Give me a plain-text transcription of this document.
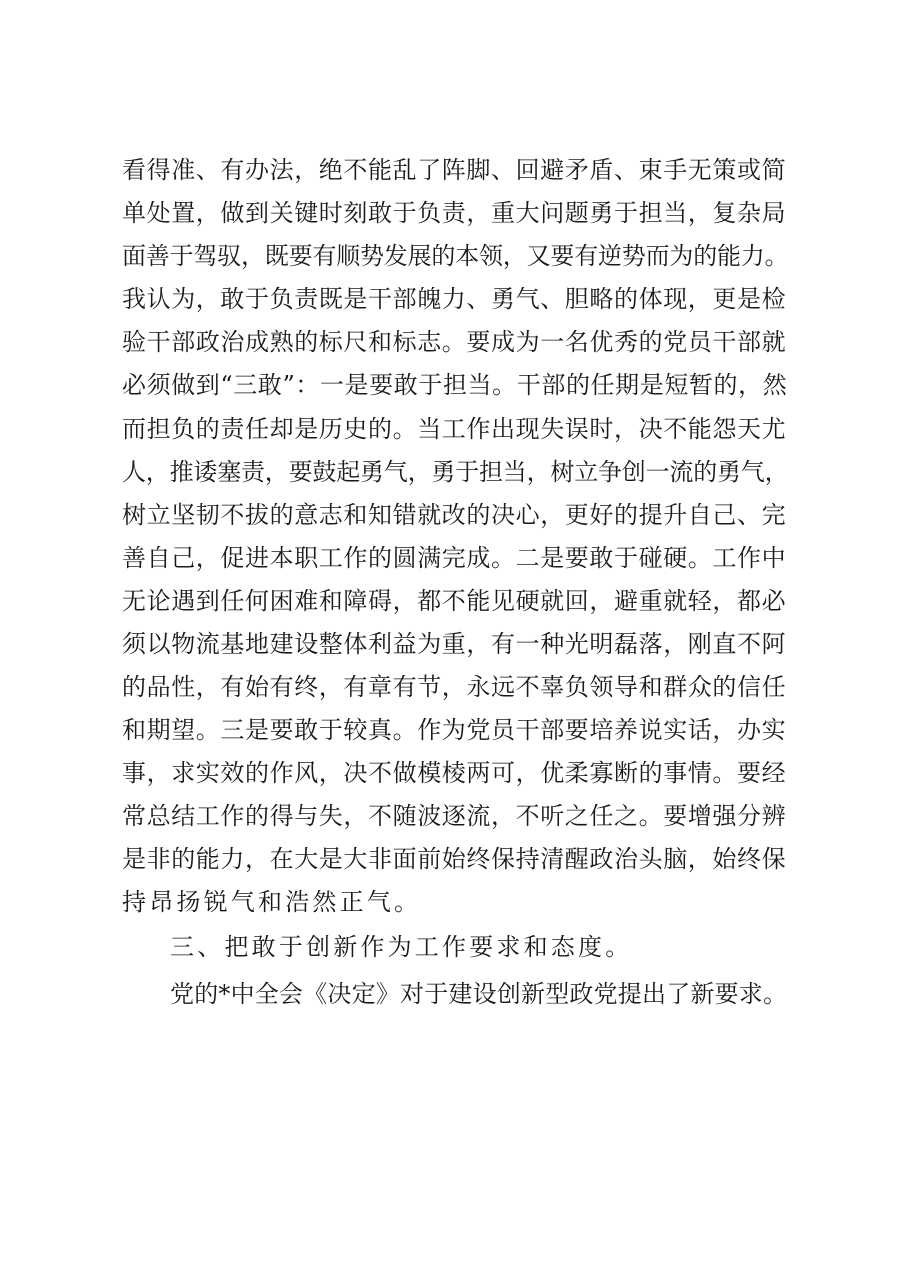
看得准、有办法，绝不能乱了阵脚、回避矛盾、束手无策或简
单处置，做到关键时刻敢于负责，重大问题勇于担当，复杂局
面善于驾驭，既要有顺势发展的本领，又要有逆势而为的能力。
我认为，敢于负责既是干部魄力、勇气、胆略的体现，更是检
验干部政治成熟的标尺和标志。要成为一名优秀的党员干部就
必须做到“三敢”：一是要敢于担当。干部的任期是短暂的，然
而担负的责任却是历史的。当工作出现失误时，决不能怨天尤
人，推诿塞责，要鼓起勇气，勇于担当，树立争创一流的勇气，
树立坚韧不拔的意志和知错就改的决心，更好的提升自己、完
善自己，促进本职工作的圆满完成。二是要敢于碰硬。工作中
无论遇到任何困难和障碍，都不能见硬就回，避重就轻，都必
须以物流基地建设整体利益为重，有一种光明磊落，刚直不阿
的品性，有始有终，有章有节，永远不辜负领导和群众的信任
和期望。三是要敢于较真。作为党员干部要培养说实话，办实
事，求实效的作风，决不做模棱两可，优柔寡断的事情。要经
常总结工作的得与失，不随波逐流，不听之任之。要增强分辨
是非的能力，在大是大非面前始终保持清醒政治头脑，始终保
持昂扬锐气和浩然正气。
三、把敢于创新作为工作要求和态度。
党的*中全会《决定》对于建设创新型政党提出了新要求。
